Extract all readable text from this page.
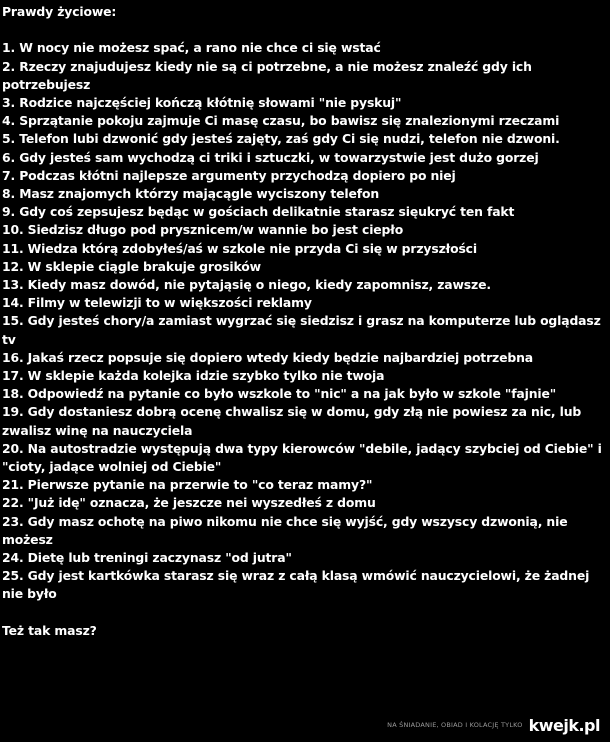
Prawdy życiowe:

1. W nocy nie możesz spać, a rano nie chce ci się wstać
2. Rzeczy znajudujesz kiedy nie są ci potrzebne, a nie możesz znaleźć gdy ich potrzebujesz
3. Rodzice najczęściej kończą kłótnię słowami "nie pyskuj"
4. Sprzątanie pokoju zajmuje Ci masę czasu, bo bawisz się znalezionymi rzeczami
5. Telefon lubi dzwonić gdy jesteś zajęty, zaś gdy Ci się nudzi, telefon nie dzwoni.
6. Gdy jesteś sam wychodzą ci triki i sztuczki, w towarzystwie jest dużo gorzej
7. Podczas kłótni najlepsze argumenty przychodzą dopiero po niej
8. Masz znajomych którzy mającągle wyciszony telefon
9. Gdy coś zepsujesz będąc w gościach delikatnie starasz sięukryć ten fakt
10. Siedzisz długo pod prysznicem/w wannie bo jest ciepło
11. Wiedza którą zdobyłeś/aś w szkole nie przyda Ci się w przyszłości
12. W sklepie ciągle brakuje grosików
13. Kiedy masz dowód, nie pytająsię o niego, kiedy zapomnisz, zawsze.
14. Filmy w telewizji to w większości reklamy
15. Gdy jesteś chory/a zamiast wygrzać się siedzisz i grasz na komputerze lub oglądasz tv
16. Jakaś rzecz popsuje się dopiero wtedy kiedy będzie najbardziej potrzebna
17. W sklepie każda kolejka idzie szybko tylko nie twoja
18. Odpowiedź na pytanie co było wszkole to "nic" a na jak było w szkole "fajnie"
19. Gdy dostaniesz dobrą ocenę chwalisz się w domu, gdy złą nie powiesz za nic, lub zwalisz winę na nauczyciela
20. Na autostradzie występują dwa typy kierowców "debile, jadący szybciej od Ciebie" i "cioty, jadące wolniej od Ciebie"
21. Pierwsze pytanie na przerwie to "co teraz mamy?"
22. "Już idę" oznacza, że jeszcze nei wyszedłeś z domu
23. Gdy masz ochotę na piwo nikomu nie chce się wyjść, gdy wszyscy dzwonią, nie możesz
24. Dietę lub treningi zaczynasz "od jutra"
25. Gdy jest kartkówka starasz się wraz z całą klasą wmówić nauczycielowi, że żadnej nie było

Też tak masz?

NA ŚNIADANIE, OBIAD I KOLACJĘ TYLKO kwejk.pl
